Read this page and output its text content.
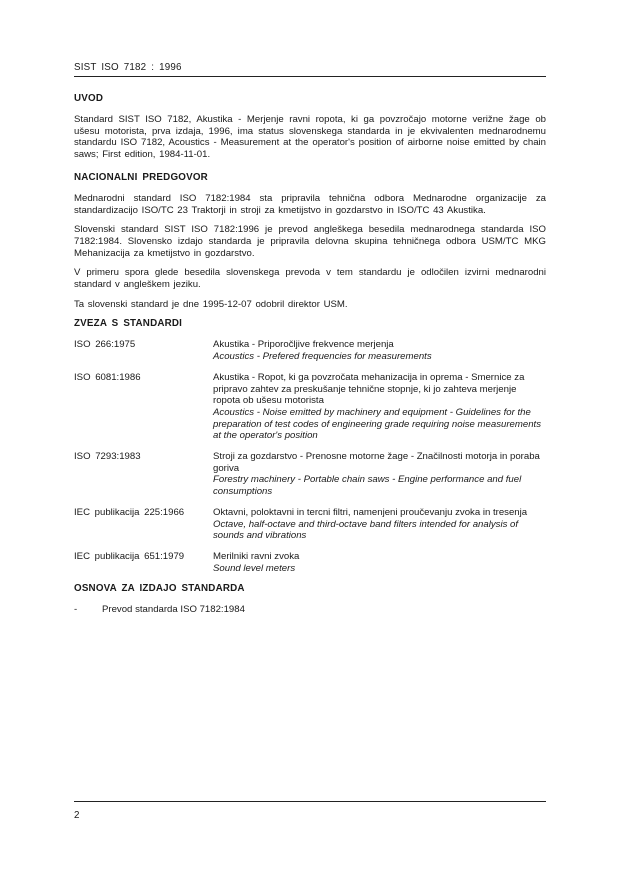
SIST ISO 7182 : 1996
UVOD

Standard SIST ISO 7182, Akustika - Merjenje ravni ropota, ki ga povzročajo motorne verižne žage ob ušesu motorista, prva izdaja, 1996, ima status slovenskega standarda in je ekvivalenten mednarodnemu standardu ISO 7182, Acoustics - Measurement at the operator's position of airborne noise emitted by chain saws; First edition, 1984-11-01.

NACIONALNI PREDGOVOR

Mednarodni standard ISO 7182:1984 sta pripravila tehnična odbora Mednarodne organizacije za standardizacijo ISO/TC 23 Traktorji in stroji za kmetijstvo in gozdarstvo in ISO/TC 43 Akustika.

Slovenski standard SIST ISO 7182:1996 je prevod angleškega besedila mednarodnega standarda ISO 7182:1984. Slovensko izdajo standarda je pripravila delovna skupina tehničnega odbora USM/TC MKG Mehanizacija za kmetijstvo in gozdarstvo.

V primeru spora glede besedila slovenskega prevoda v tem standardu je odločilen izvirni mednarodni standard v angleškem jeziku.

Ta slovenski standard je dne 1995-12-07 odobril direktor USM.

ZVEZA S STANDARDI
ISO 266:1975	Akustika - Priporočljive frekvence merjenja
Acoustics - Prefered frequencies for measurements
ISO 6081:1986	Akustika - Ropot, ki ga povzročata mehanizacija in oprema - Smernice za pripravo zahtev za preskušanje tehnične stopnje, ki jo zahteva merjenje ropota ob ušesu motorista
Acoustics - Noise emitted by machinery and equipment - Guidelines for the preparation of test codes of engineering grade requiring noise measurements at the operator's position
ISO 7293:1983	Stroji za gozdarstvo - Prenosne motorne žage - Značilnosti motorja in poraba goriva
Forestry machinery - Portable chain saws - Engine performance and fuel consumptions
IEC publikacija 225:1966	Oktavni, poloktavni in tercni filtri, namenjeni proučevanju zvoka in tresenja
Octave, half-octave and third-octave band filters intended for analysis of sounds and vibrations
IEC publikacija 651:1979	Merilniki ravni zvoka
Sound level meters
OSNOVA ZA IZDAJO STANDARDA
-	Prevod standarda ISO 7182:1984
2
